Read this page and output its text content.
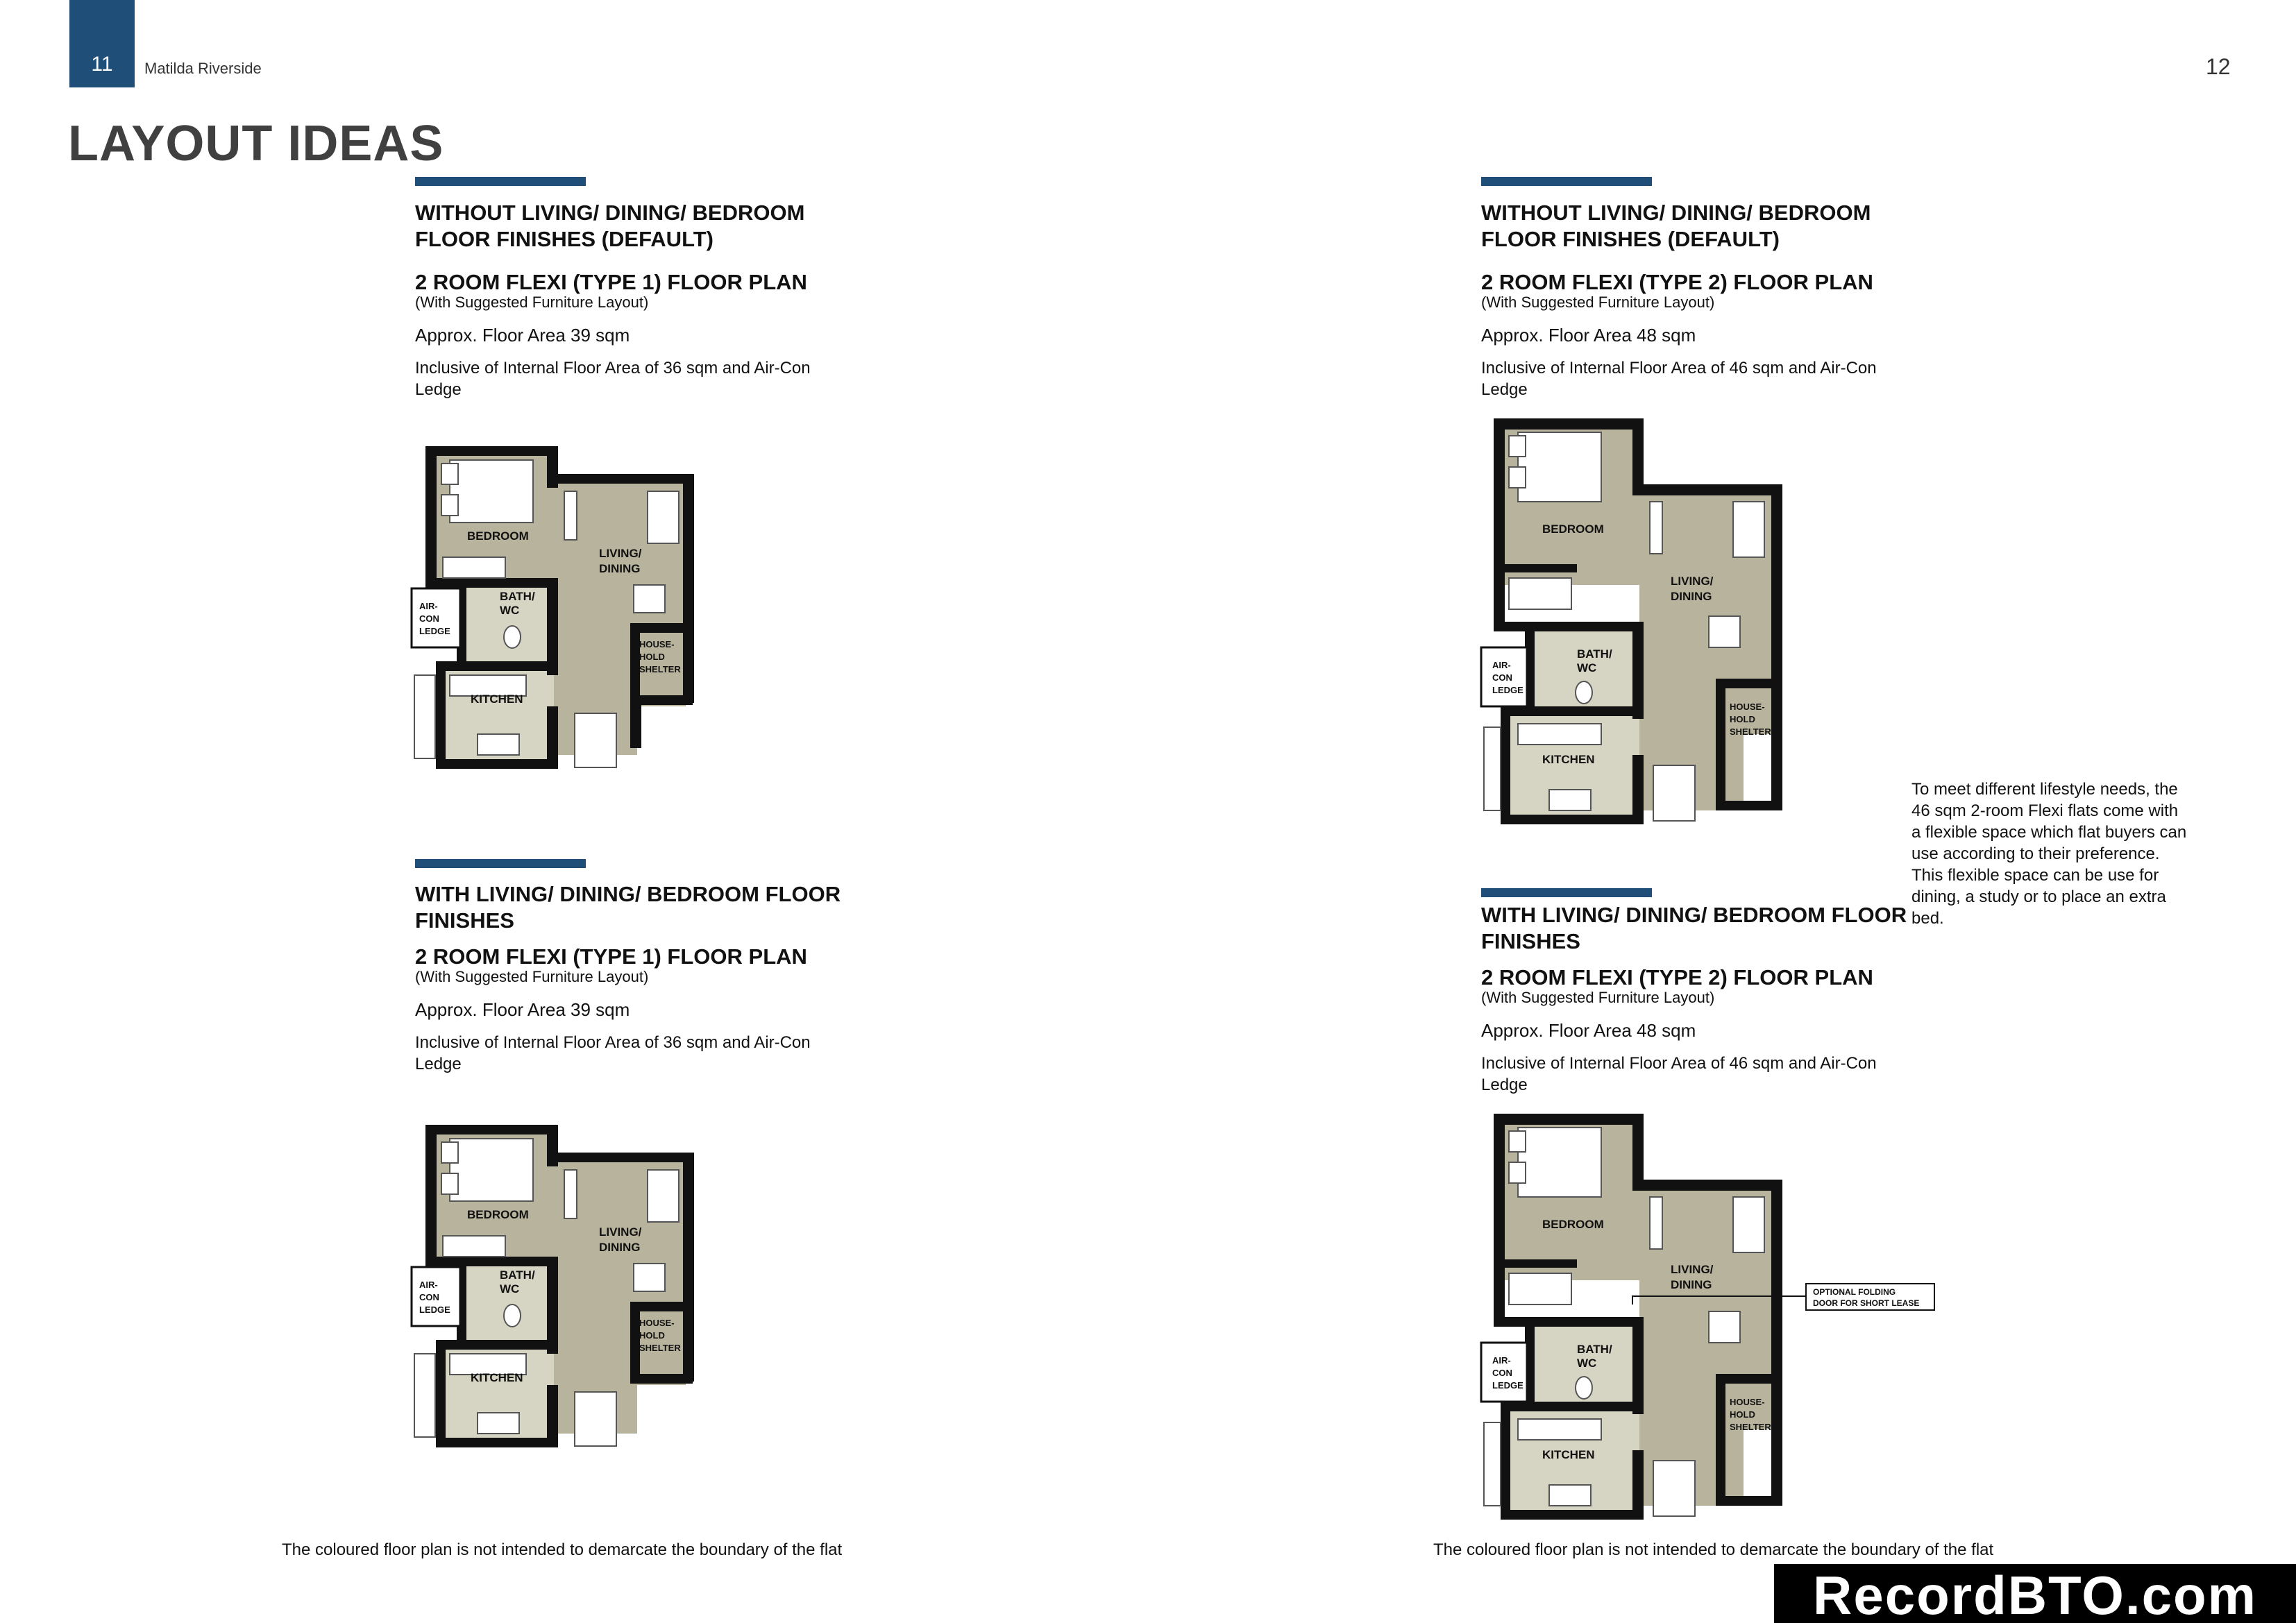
11	Matilda Riverside	12
LAYOUT IDEAS
WITHOUT LIVING/ DINING/ BEDROOM FLOOR FINISHES (DEFAULT)
2 ROOM FLEXI (TYPE 1) FLOOR PLAN
(With Suggested Furniture Layout)
Approx. Floor Area 39 sqm
Inclusive of Internal Floor Area of 36 sqm and Air-Con Ledge
WITH LIVING/ DINING/ BEDROOM FLOOR FINISHES
2 ROOM FLEXI (TYPE 1) FLOOR PLAN
(With Suggested Furniture Layout)
Approx. Floor Area 39 sqm
Inclusive of Internal Floor Area of 36 sqm and Air-Con Ledge
WITHOUT LIVING/ DINING/ BEDROOM FLOOR FINISHES (DEFAULT)
2 ROOM FLEXI (TYPE 2) FLOOR PLAN
(With Suggested Furniture Layout)
Approx. Floor Area 48 sqm
Inclusive of Internal Floor Area of 46 sqm and Air-Con Ledge
WITH LIVING/ DINING/ BEDROOM FLOOR FINISHES
2 ROOM FLEXI (TYPE 2) FLOOR PLAN
(With Suggested Furniture Layout)
Approx. Floor Area 48 sqm
Inclusive of Internal Floor Area of 46 sqm and Air-Con Ledge
BEDROOM
LIVING/
DINING
BATH/
WC
AIR-
CON
LEDGE
KITCHEN
HOUSE-
HOLD
SHELTER
BEDROOM
LIVING/
DINING
BATH/
WC
AIR-
CON
LEDGE
KITCHEN
HOUSE-
HOLD
SHELTER
BEDROOM
LIVING/
DINING
BATH/
WC
AIR-
CON
LEDGE
KITCHEN
HOUSE-
HOLD
SHELTER
OPTIONAL FOLDING
DOOR FOR SHORT LEASE
BEDROOM
LIVING/
DINING
BATH/
WC
AIR-
CON
LEDGE
KITCHEN
HOUSE-
HOLD
SHELTER
To meet different lifestyle needs, the 46 sqm 2-room Flexi flats come with a flexible space which flat buyers can use according to their preference. This flexible space can be use for dining, a study or to place an extra bed.
The coloured floor plan is not intended to demarcate the boundary of the flat	The coloured floor plan is not intended to demarcate the boundary of the flat
RecordBTO.com
